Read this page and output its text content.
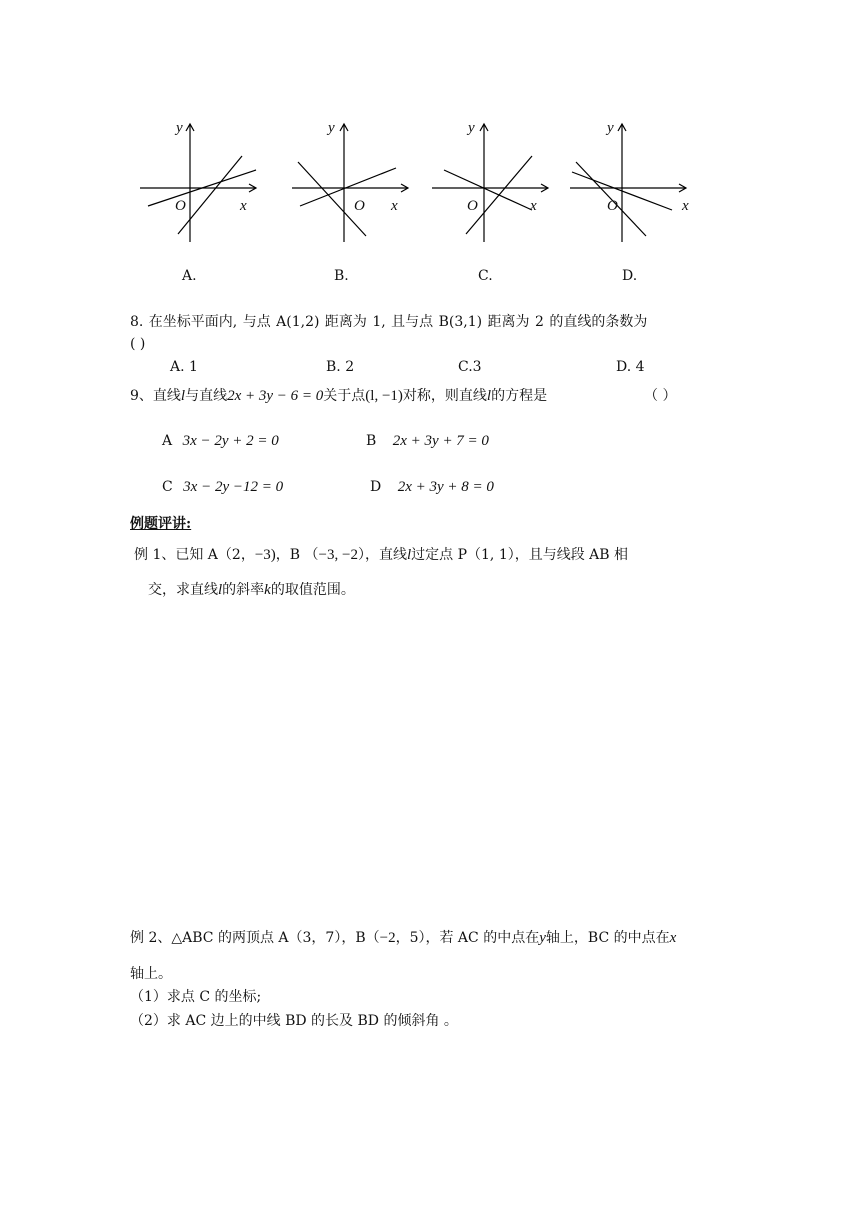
y
O	x
y
O x
y
O	x
y
O	x
A.	B.	C.	D.
8. 在坐标平面内, 与点 A(1,2) 距离为 1, 且与点 B(3,1) 距离为 2 的直线的条数为
( )
A. 1	B. 2	C.3	D. 4
9、直线l与直线2x + 3y − 6 = 0关于点(l, −1)对称，则直线l的方程是	（ ）
A 3x − 2y + 2 = 0	B 2x + 3y + 7 = 0
C 3x − 2y −12 = 0	D 2x + 3y + 8 = 0
例题评讲:
例 1、已知 A（2，−3)，B （−3, −2），直线l过定点 P（1, 1），且与线段 AB 相
交，求直线l的斜率k的取值范围。
例 2、△ABC 的两顶点 A（3，7），B（−2，5），若 AC 的中点在y轴上，BC 的中点在x
轴上。
（1）求点 C 的坐标;
（2）求 AC 边上的中线 BD 的长及 BD 的倾斜角 。
